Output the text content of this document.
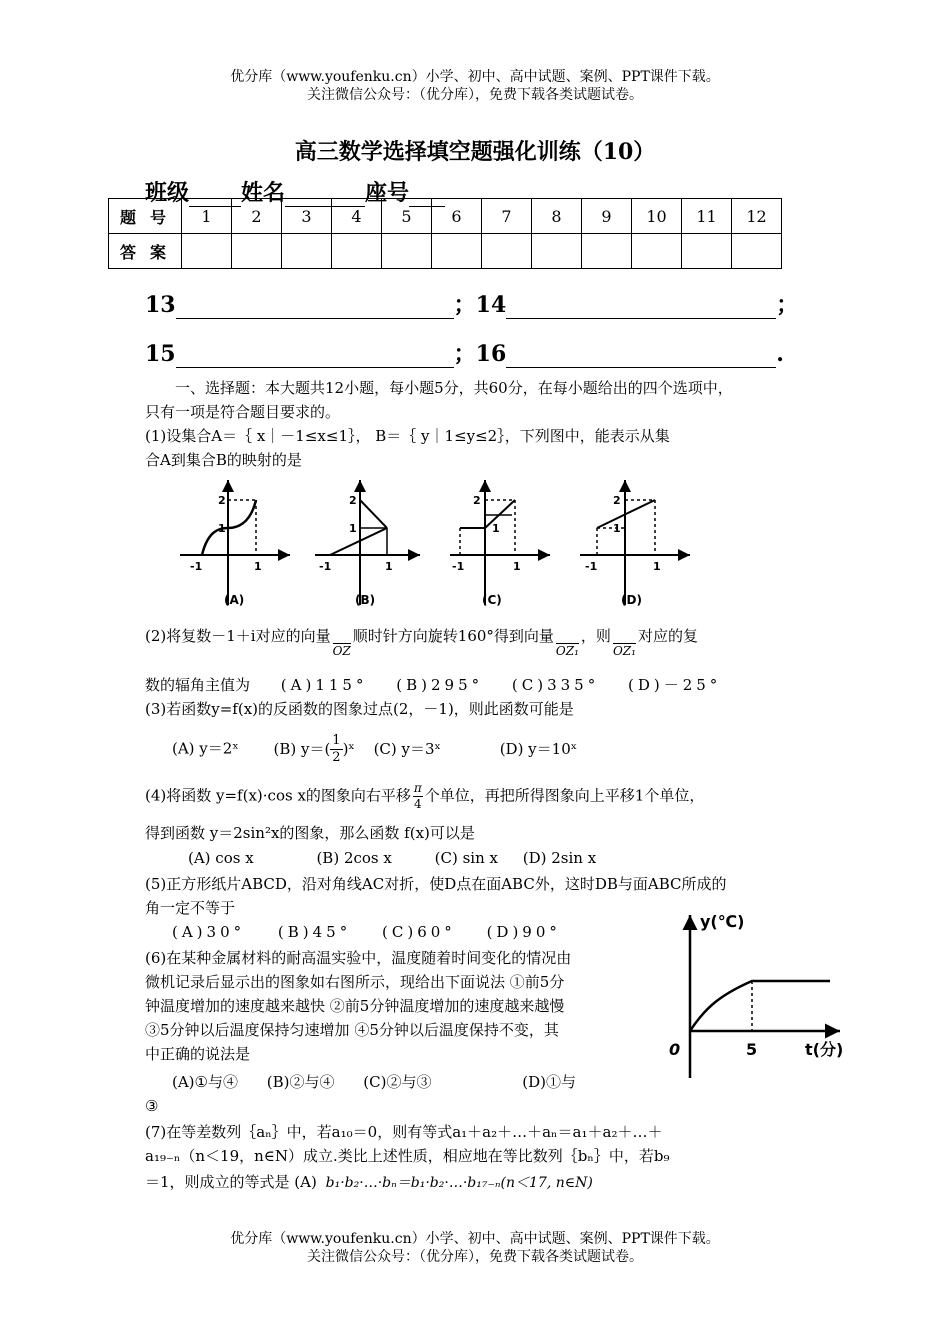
优分库（www.youfenku.cn）小学、初中、高中试题、案例、PPT课件下载。
关注微信公众号：（优分库），免费下载各类试题试卷。
高三数学选择填空题强化训练（10）
班级 姓名	座号
题号	1	2	3	4	5	6	7	8	9	10	11	12
答案												
13	；14	；
15	；16	.
一、选择题：本大题共12小题，每小题5分，共60分，在每小题给出的四个选项中，
只有一项是符合题目要求的。
(1)设集合A＝｛ x｜－1≤x≤1｝， B＝｛ y｜1≤y≤2｝，下列图中，能表示从集
合A到集合B的映射的是
2
1
-1	1
(A)
2
1
-1	1
(B)
2
1
-1	1
(C)
2
1
-1	1
(D)
(2)将复数－1＋i对应的向量OZ顺时针方向旋转160°得到向量OZ₁，则OZ₁对应的复
数的辐角主值为 (A)115° (B)295° (C)335° (D)－25°
(3)若函数y=f(x)的反函数的图象过点(2，－1)，则此函数可能是
(A) y＝2ˣ (B) $y=( \frac{1}{2}$ )ˣ (C) y＝3ˣ	(D) y＝10ˣ
(4)将函数 y=f(x)·cos x的图象向右平移 $\frac{\pi}{4}$ 个单位，再把所得图象向上平移1个单位，
得到函数 y＝2sin²x的图象，那么函数 f(x)可以是
(A) cos x	(B) 2cos x	(C) sin x (D) 2sin x
(5)正方形纸片ABCD，沿对角线AC对折，使D点在面ABC外，这时DB与面ABC所成的
角一定不等于
(A)30° (B)45° (C)60° (D)90°
y(℃)
0	5	t(分)
(6)在某种金属材料的耐高温实验中，温度随着时间变化的情况由
微机记录后显示出的图象如右图所示，现给出下面说法 ①前5分
钟温度增加的速度越来越快 ②前5分钟温度增加的速度越来越慢
③5分钟以后温度保持匀速增加 ④5分钟以后温度保持不变，其
中正确的说法是
(A)①与④ (B)②与④ (C)②与③	(D)①与
③
(7)在等差数列｛aₙ｝中，若a₁₀＝0，则有等式a₁＋a₂＋…＋aₙ＝a₁＋a₂＋…＋
a₁₉₋ₙ（n＜19，n∈N）成立.类比上述性质，相应地在等比数列｛bₙ｝中，若b₉
＝1，则成立的等式是 (A) b₁·b₂·…·bₙ＝b₁·b₂·…·b₁₇₋ₙ(n＜17, n∈N)
优分库（www.youfenku.cn）小学、初中、高中试题、案例、PPT课件下载。
关注微信公众号：（优分库），免费下载各类试题试卷。
